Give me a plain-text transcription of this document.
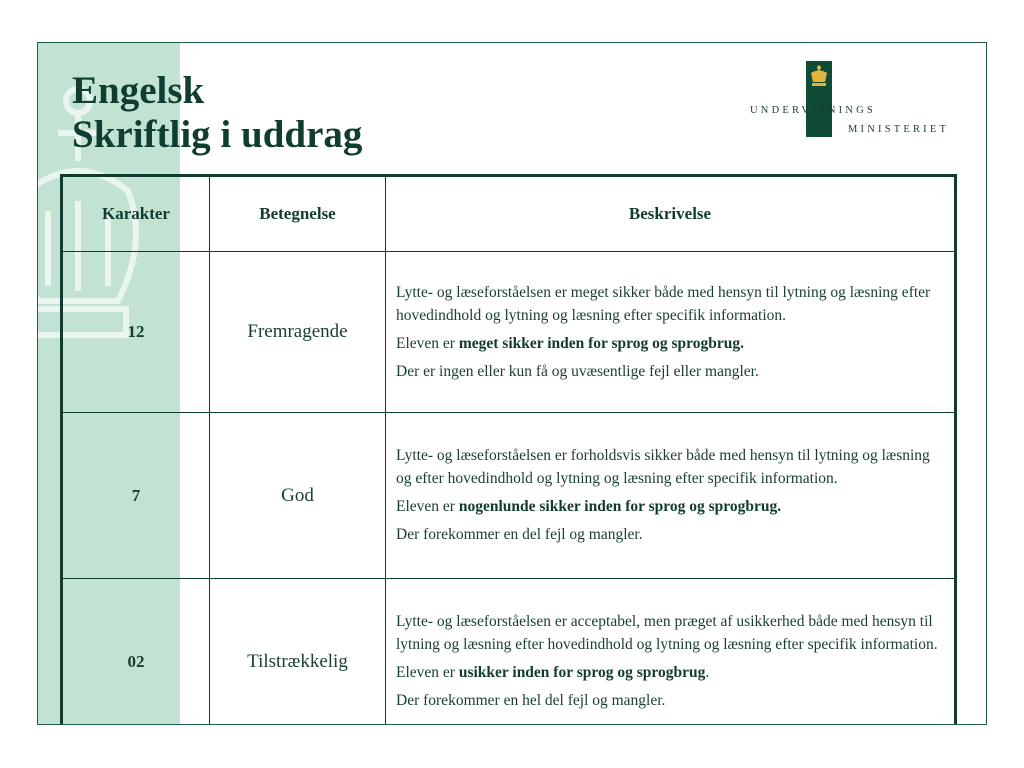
Engelsk
Skriftlig i uddrag
UNDERVISNINGS
MINISTERIET
Karakter	Betegnelse	Beskrivelse
12	Fremragende	Lytte- og læseforståelsen er meget sikker både med hensyn til lytning og læsning efter hovedindhold og lytning og læsning efter specifik information.

Eleven er meget sikker inden for sprog og sprogbrug.

Der er ingen eller kun få og uvæsentlige fejl eller mangler.

7	God	Lytte- og læseforståelsen er forholdsvis sikker både med hensyn til lytning og læsning og efter hovedindhold og lytning og læsning efter specifik information.

Eleven er nogenlunde sikker inden for sprog og sprogbrug.

Der forekommer en del fejl og mangler.

02	Tilstrækkelig	Lytte- og læseforståelsen er acceptabel, men præget af usikkerhed både med hensyn til lytning og læsning efter hovedindhold og lytning og læsning efter specifik information.

Eleven er usikker inden for sprog og sprogbrug.

Der forekommer en hel del fejl og mangler.
